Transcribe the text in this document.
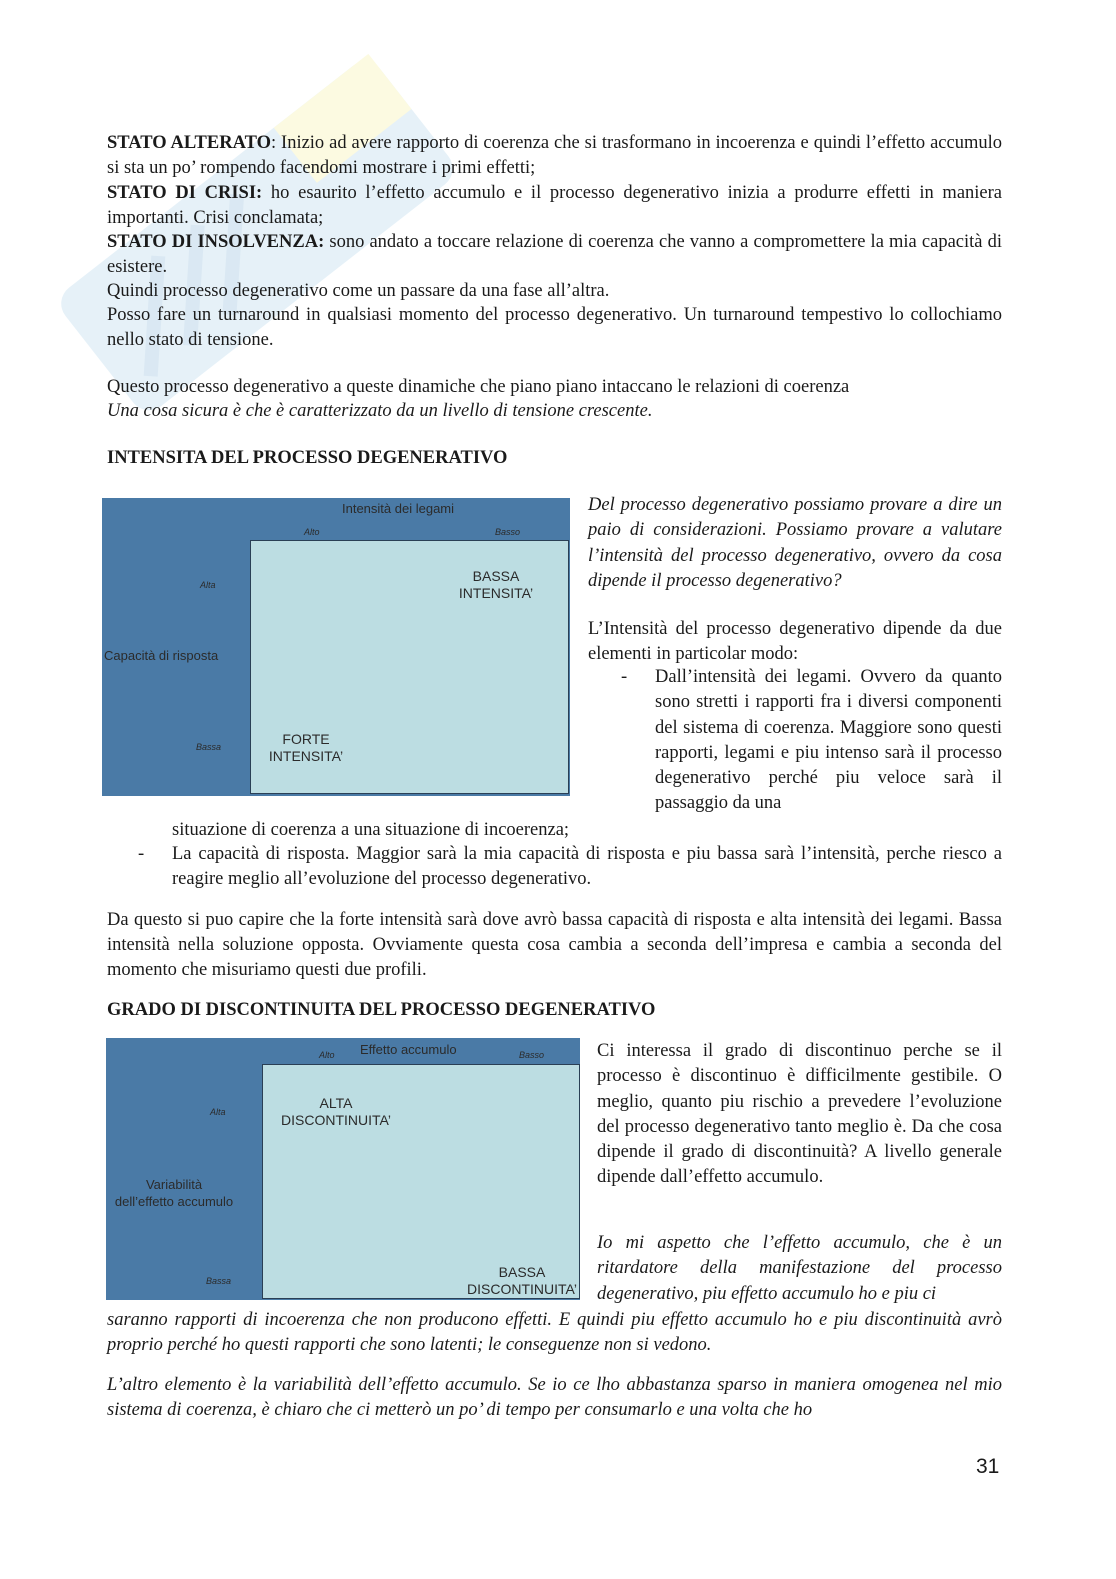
STATO ALTERATO: Inizio ad avere rapporto di coerenza che si trasformano in incoerenza e quindi l’effetto accumulo si sta un po’ rompendo facendomi mostrare i primi effetti;

STATO DI CRISI: ho esaurito l’effetto accumulo e il processo degenerativo inizia a produrre effetti in maniera importanti. Crisi conclamata;

STATO DI INSOLVENZA: sono andato a toccare relazione di coerenza che vanno a compromettere la mia capacità di esistere.

Quindi processo degenerativo come un passare da una fase all’altra.

Posso fare un turnaround in qualsiasi momento del processo degenerativo. Un turnaround tempestivo lo collochiamo nello stato di tensione.

Questo processo degenerativo a queste dinamiche che piano piano intaccano le relazioni di coerenza

Una cosa sicura è che è caratterizzato da un livello di tensione crescente.

INTENSITA DEL PROCESSO DEGENERATIVO
Intensità dei legami
Alto	Basso
Alta
Bassa
Capacità di risposta
BASSA
INTENSITA’
FORTE
INTENSITA’

Del processo degenerativo possiamo provare a dire un paio di considerazioni. Possiamo provare a valutare l’intensità del processo degenerativo, ovvero da cosa dipende il processo degenerativo?

L’Intensità del processo degenerativo dipende da due elementi in particolar modo:

- Dall’intensità dei legami. Ovvero da quanto sono stretti i rapporti fra i diversi componenti del sistema di coerenza. Maggiore sono questi rapporti, legami e piu intenso sarà il processo degenerativo perché piu veloce sarà il passaggio da una

situazione di coerenza a una situazione di incoerenza;

- La capacità di risposta. Maggior sarà la mia capacità di risposta e piu bassa sarà l’intensità, perche riesco a reagire meglio all’evoluzione del processo degenerativo.

Da questo si puo capire che la forte intensità sarà dove avrò bassa capacità di risposta e alta intensità dei legami. Bassa intensità nella soluzione opposta. Ovviamente questa cosa cambia a seconda dell’impresa e cambia a seconda del momento che misuriamo questi due profili.

GRADO DI DISCONTINUITA DEL PROCESSO DEGENERATIVO
Effetto accumulo
Alto	Basso
Alta
Bassa
Variabilità
dell’effetto accumulo
ALTA
DISCONTINUITA’
BASSA
DISCONTINUITA’

Ci interessa il grado di discontinuo perche se il processo è discontinuo è difficilmente gestibile. O meglio, quanto piu rischio a prevedere l’evoluzione del processo degenerativo tanto meglio è. Da che cosa dipende il grado di discontinuità? A livello generale dipende dall’effetto accumulo.

Io mi aspetto che l’effetto accumulo, che è un ritardatore della manifestazione del processo degenerativo, piu effetto accumulo ho e piu ci

saranno rapporti di incoerenza che non producono effetti. E quindi piu effetto accumulo ho e piu discontinuità avrò proprio perché ho questi rapporti che sono latenti; le conseguenze non si vedono.

L’altro elemento è la variabilità dell’effetto accumulo. Se io ce lho abbastanza sparso in maniera omogenea nel mio sistema di coerenza, è chiaro che ci metterò un po’ di tempo per consumarlo e una volta che ho

31
